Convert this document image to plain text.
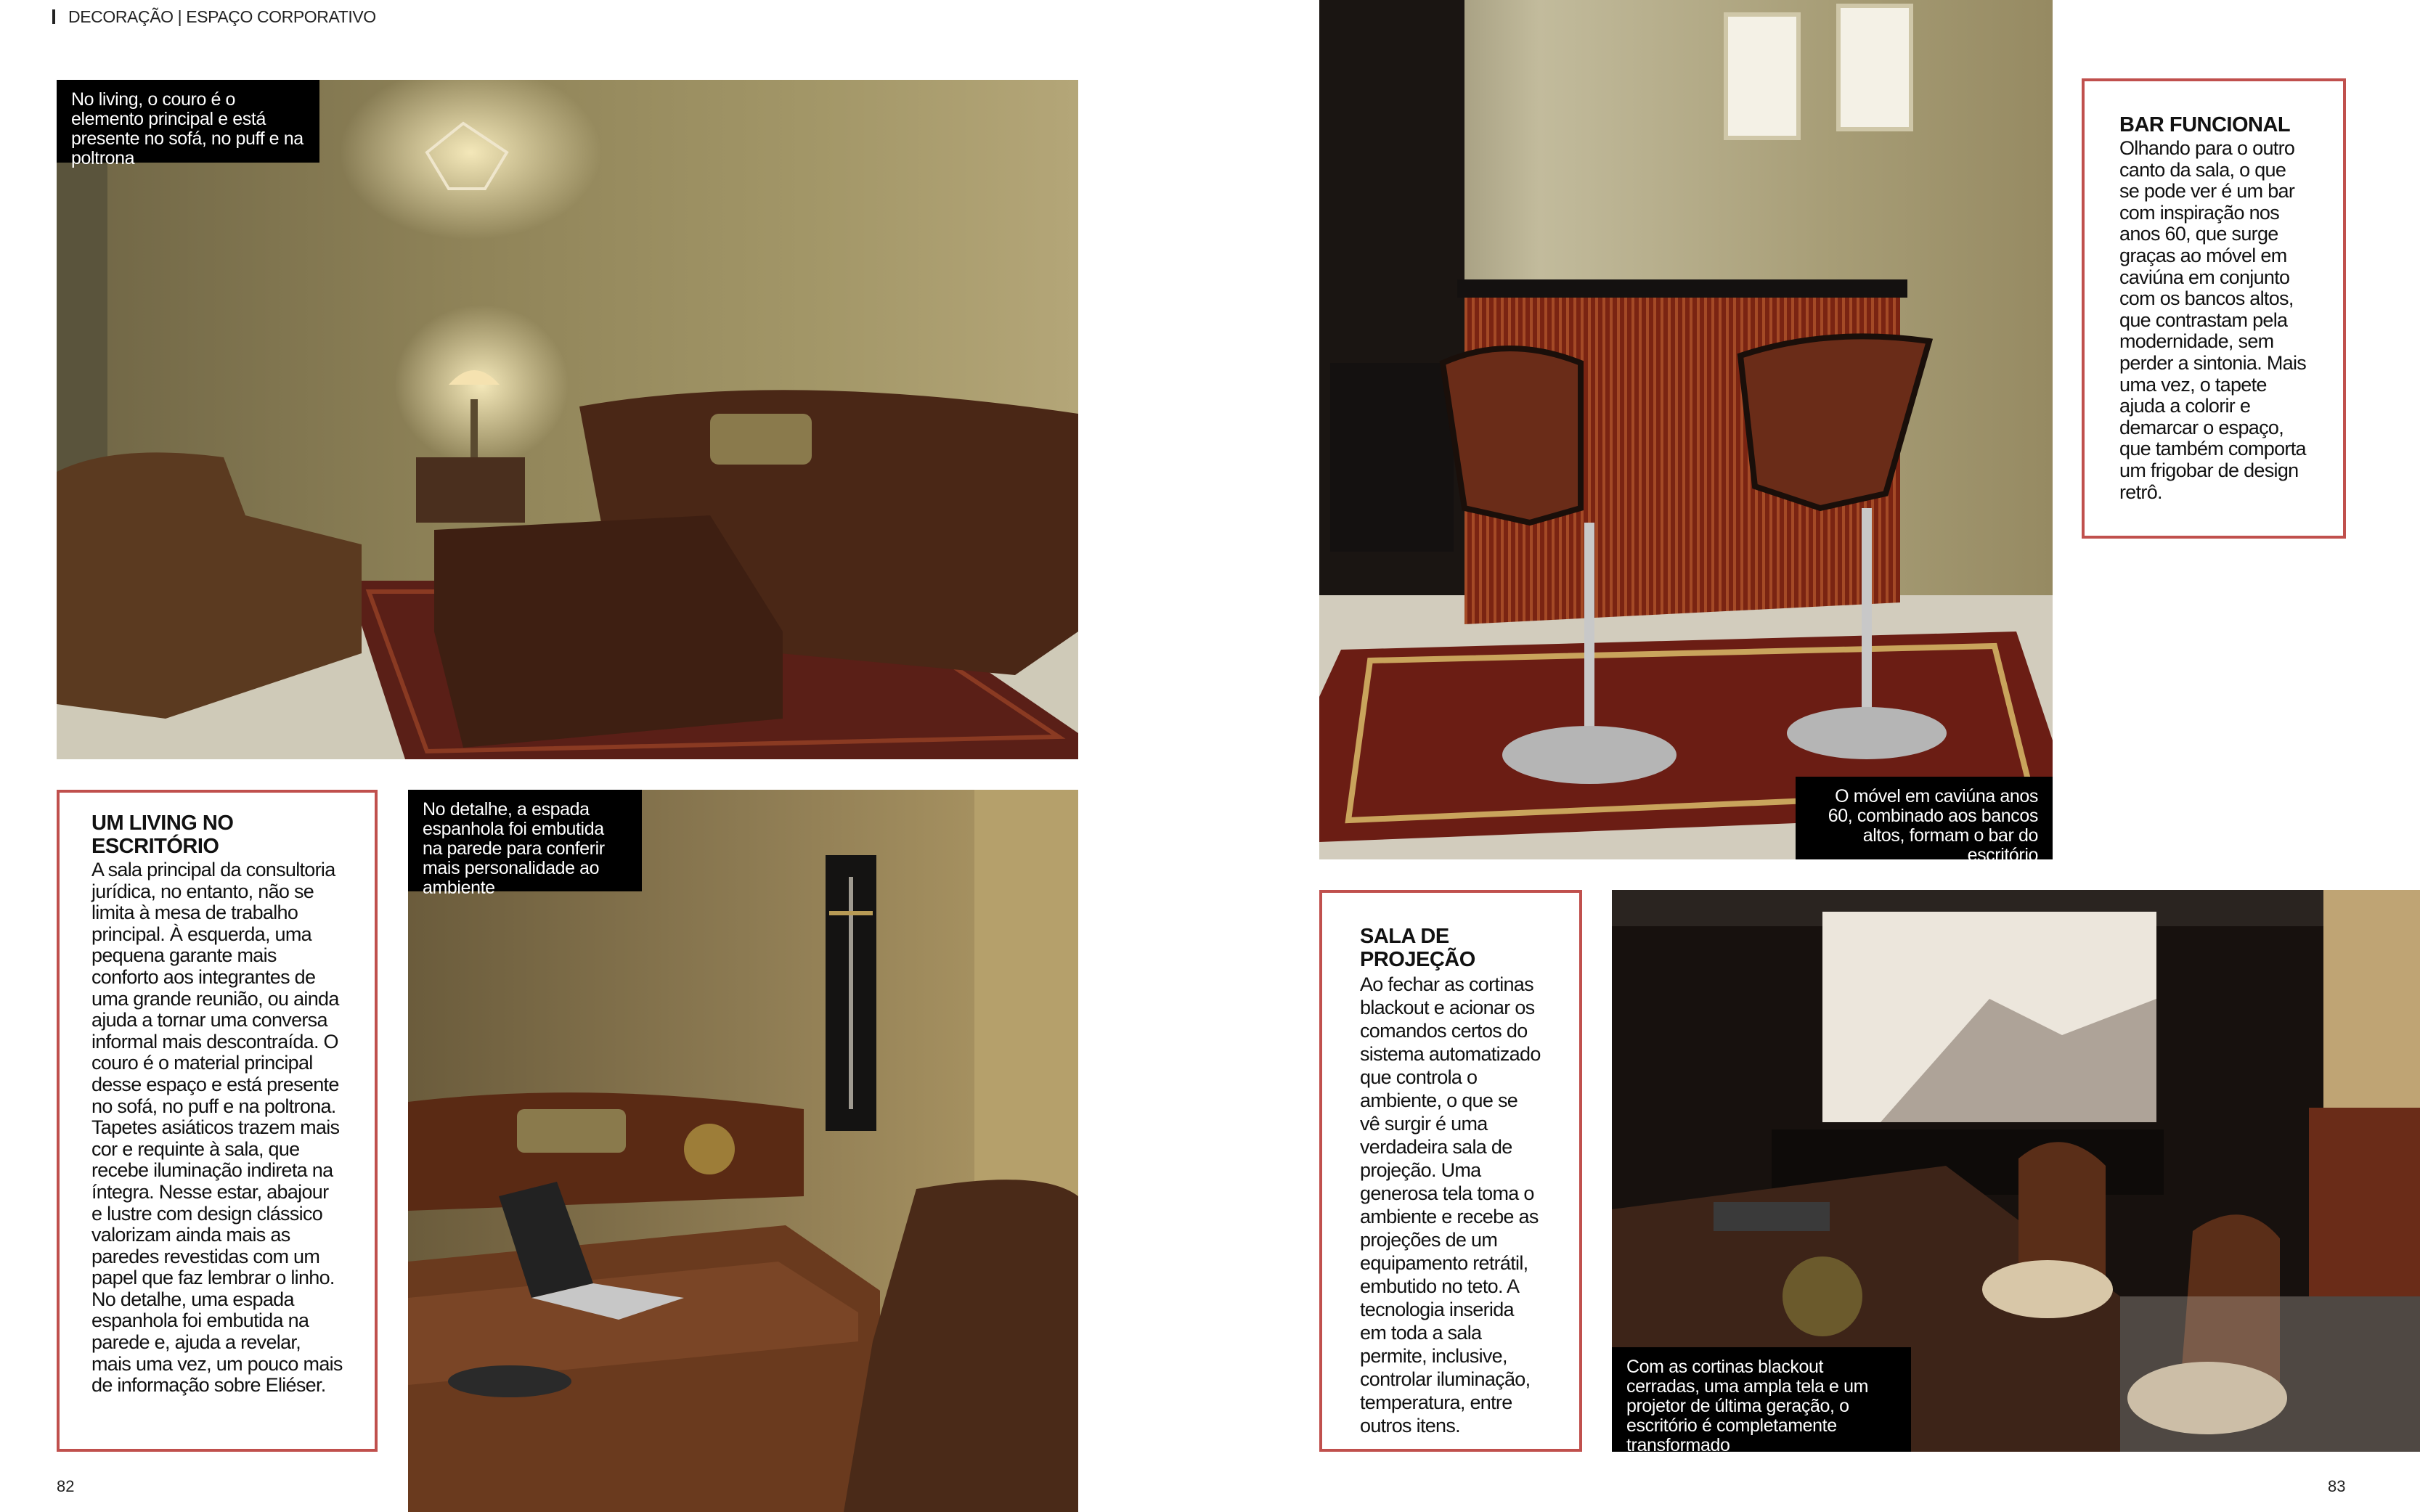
DECORAÇÃO | ESPAÇO CORPORATIVO
No living, o couro é o elemento principal e está presente no sofá, no puff e na poltrona
UM LIVING NO ESCRITÓRIO
A sala principal da consultoria jurídica, no entanto, não se limita à mesa de trabalho principal. À esquerda, uma pequena garante mais conforto aos integrantes de uma grande reunião, ou ainda ajuda a tornar uma conversa informal mais descontraída. O couro é o material principal desse espaço e está presente no sofá, no puff e na poltrona. Tapetes asiáticos trazem mais cor e requinte à sala, que recebe iluminação indireta na íntegra. Nesse estar, abajour e lustre com design clássico valorizam ainda mais as paredes revestidas com um papel que faz lembrar o linho. No detalhe, uma espada espanhola foi embutida na parede e, ajuda a revelar, mais uma vez, um pouco mais de informação sobre Eliéser.
No detalhe, a espada espanhola foi embutida na parede para conferir mais personalidade ao ambiente
82
O móvel em caviúna anos 60, combinado aos bancos altos, formam o bar do escritório
BAR FUNCIONAL
Olhando para o outro canto da sala, o que se pode ver é um bar com inspiração nos anos 60, que surge graças ao móvel em caviúna em conjunto com os bancos altos, que contrastam pela modernidade, sem perder a sintonia. Mais uma vez, o tapete ajuda a colorir e demarcar o espaço, que também comporta um frigobar de design retrô.
SALA DE PROJEÇÃO
Ao fechar as cortinas blackout e acionar os comandos certos do sistema automatizado que controla o ambiente, o que se vê surgir é uma verdadeira sala de projeção. Uma generosa tela toma o ambiente e recebe as projeções de um equipamento retrátil, embutido no teto. A tecnologia inserida em toda a sala permite, inclusive, controlar iluminação, temperatura, entre outros itens.
Com as cortinas blackout cerradas, uma ampla tela e um projetor de última geração, o escritório é completamente transformado
83
